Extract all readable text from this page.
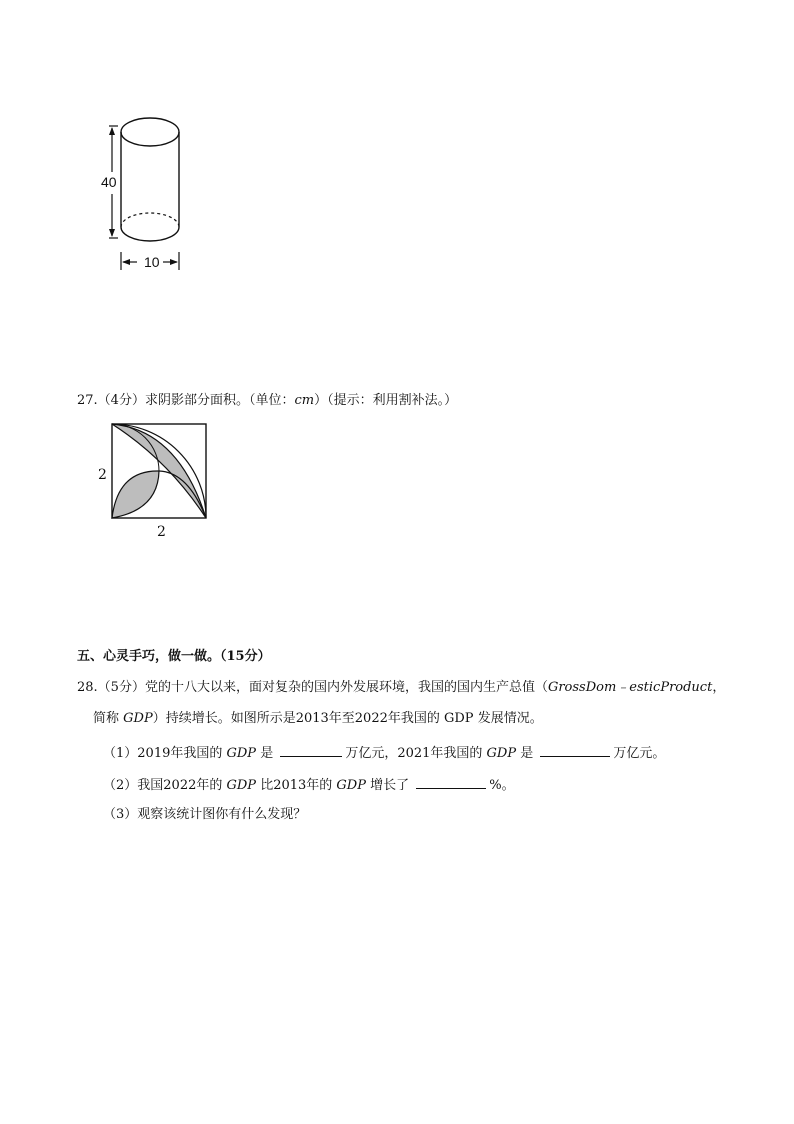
40
10
27.（4分）求阴影部分面积。（单位：cm）（提示：利用割补法。）
2
2
五、心灵手巧，做一做。（15分）
28.（5分）党的十八大以来，面对复杂的国内外发展环境，我国的国内生产总值（GrossDom﹣esticProduct，
简称 GDP）持续增长。如图所示是2013年至2022年我国的 GDP 发展情况。
（1）2019年我国的 GDP 是	万亿元，2021年我国的 GDP 是	万亿元。
（2）我国2022年的 GDP 比2013年的 GDP 增长了	%。
（3）观察该统计图你有什么发现？
